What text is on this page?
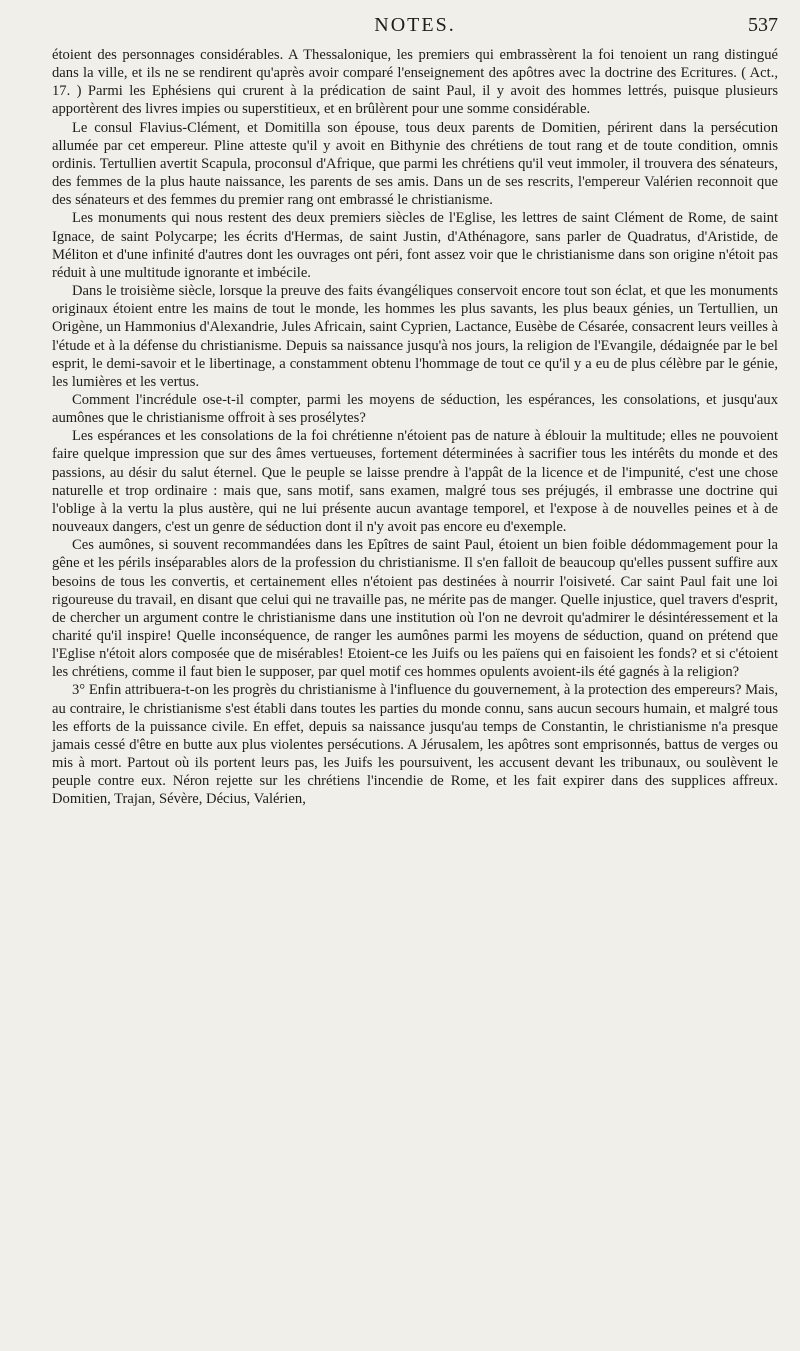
NOTES.	537

étoient des personnages considérables. A Thessalonique, les premiers qui embrassèrent la foi tenoient un rang distingué dans la ville, et ils ne se rendirent qu'après avoir comparé l'enseignement des apôtres avec la doctrine des Ecritures. ( Act., 17. ) Parmi les Ephésiens qui crurent à la prédication de saint Paul, il y avoit des hommes lettrés, puisque plusieurs apportèrent des livres impies ou superstitieux, et en brûlèrent pour une somme considérable.

Le consul Flavius-Clément, et Domitilla son épouse, tous deux parents de Domitien, périrent dans la persécution allumée par cet empereur. Pline atteste qu'il y avoit en Bithynie des chrétiens de tout rang et de toute condition, omnis ordinis. Tertullien avertit Scapula, proconsul d'Afrique, que parmi les chrétiens qu'il veut immoler, il trouvera des sénateurs, des femmes de la plus haute naissance, les parents de ses amis. Dans un de ses rescrits, l'empereur Valérien reconnoit que des sénateurs et des femmes du premier rang ont embrassé le christianisme.

Les monuments qui nous restent des deux premiers siècles de l'Eglise, les lettres de saint Clément de Rome, de saint Ignace, de saint Polycarpe; les écrits d'Hermas, de saint Justin, d'Athénagore, sans parler de Quadratus, d'Aristide, de Méliton et d'une infinité d'autres dont les ouvrages ont péri, font assez voir que le christianisme dans son origine n'étoit pas réduit à une multitude ignorante et imbécile.

Dans le troisième siècle, lorsque la preuve des faits évangéliques conservoit encore tout son éclat, et que les monuments originaux étoient entre les mains de tout le monde, les hommes les plus savants, les plus beaux génies, un Tertullien, un Origène, un Hammonius d'Alexandrie, Jules Africain, saint Cyprien, Lactance, Eusèbe de Césarée, consacrent leurs veilles à l'étude et à la défense du christianisme. Depuis sa naissance jusqu'à nos jours, la religion de l'Evangile, dédaignée par le bel esprit, le demi-savoir et le libertinage, a constamment obtenu l'hommage de tout ce qu'il y a eu de plus célèbre par le génie, les lumières et les vertus.

Comment l'incrédule ose-t-il compter, parmi les moyens de séduction, les espérances, les consolations, et jusqu'aux aumônes que le christianisme offroit à ses prosélytes?

Les espérances et les consolations de la foi chrétienne n'étoient pas de nature à éblouir la multitude; elles ne pouvoient faire quelque impression que sur des âmes vertueuses, fortement déterminées à sacrifier tous les intérêts du monde et des passions, au désir du salut éternel. Que le peuple se laisse prendre à l'appât de la licence et de l'impunité, c'est une chose naturelle et trop ordinaire : mais que, sans motif, sans examen, malgré tous ses préjugés, il embrasse une doctrine qui l'oblige à la vertu la plus austère, qui ne lui présente aucun avantage temporel, et l'expose à de nouvelles peines et à de nouveaux dangers, c'est un genre de séduction dont il n'y avoit pas encore eu d'exemple.

Ces aumônes, si souvent recommandées dans les Epîtres de saint Paul, étoient un bien foible dédommagement pour la gêne et les périls inséparables alors de la profession du christianisme. Il s'en falloit de beaucoup qu'elles pussent suffire aux besoins de tous les convertis, et certainement elles n'étoient pas destinées à nourrir l'oisiveté. Car saint Paul fait une loi rigoureuse du travail, en disant que celui qui ne travaille pas, ne mérite pas de manger. Quelle injustice, quel travers d'esprit, de chercher un argument contre le christianisme dans une institution où l'on ne devroit qu'admirer le désintéressement et la charité qu'il inspire! Quelle inconséquence, de ranger les aumônes parmi les moyens de séduction, quand on prétend que l'Eglise n'étoit alors composée que de misérables! Etoient-ce les Juifs ou les païens qui en faisoient les fonds? et si c'étoient les chrétiens, comme il faut bien le supposer, par quel motif ces hommes opulents avoient-ils été gagnés à la religion?

3° Enfin attribuera-t-on les progrès du christianisme à l'influence du gouvernement, à la protection des empereurs? Mais, au contraire, le christianisme s'est établi dans toutes les parties du monde connu, sans aucun secours humain, et malgré tous les efforts de la puissance civile. En effet, depuis sa naissance jusqu'au temps de Constantin, le christianisme n'a presque jamais cessé d'être en butte aux plus violentes persécutions. A Jérusalem, les apôtres sont emprisonnés, battus de verges ou mis à mort. Partout où ils portent leurs pas, les Juifs les poursuivent, les accusent devant les tribunaux, ou soulèvent le peuple contre eux. Néron rejette sur les chrétiens l'incendie de Rome, et les fait expirer dans des supplices affreux. Domitien, Trajan, Sévère, Décius, Valérien,
